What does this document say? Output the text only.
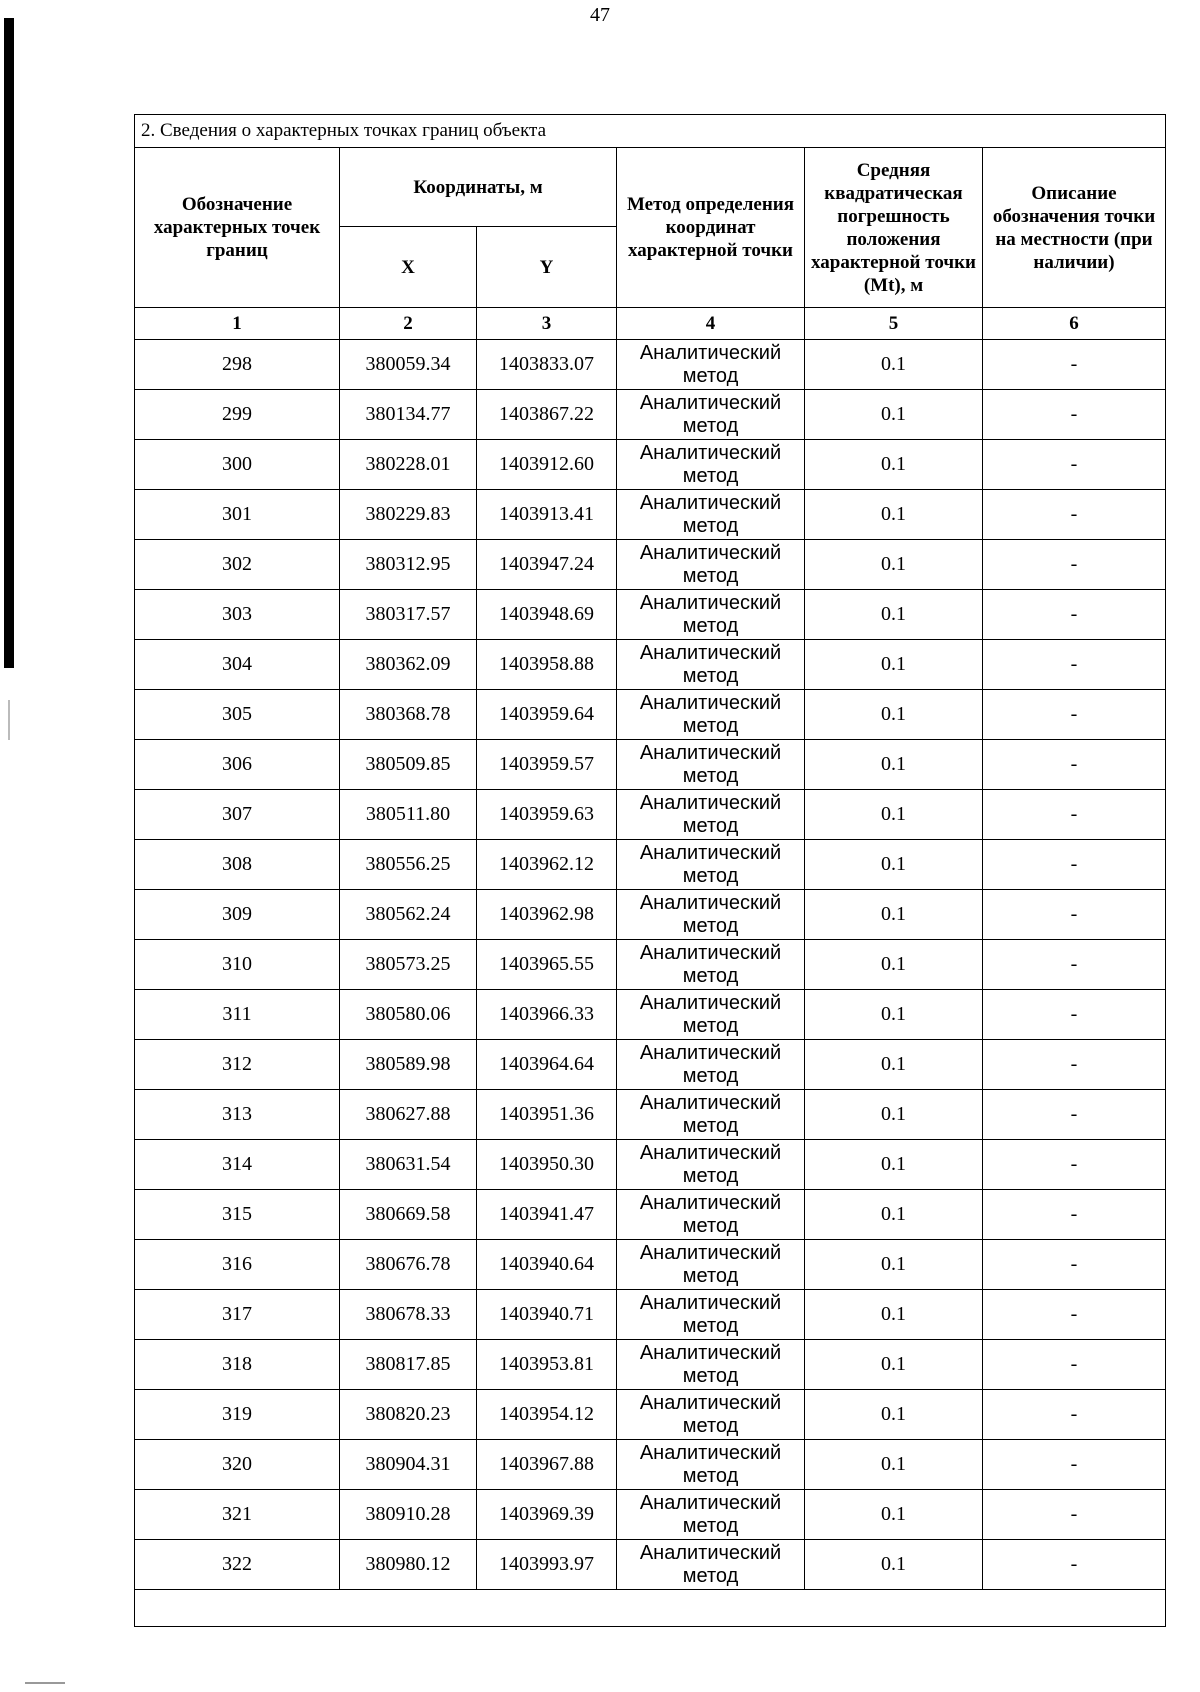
47
2. Сведения о характерных точках границ объекта					
Обозначение характерных точек границ	Координаты, м		Метод определения координат характерной точки	Средняя квадратическая погрешность положения характерной точки (Mt), м	Описание обозначения точки на местности (при наличии)
	X	Y			
1	2	3	4	5	6
298	380059.34	1403833.07	Аналитический метод	0.1	-
299	380134.77	1403867.22	Аналитический метод	0.1	-
300	380228.01	1403912.60	Аналитический метод	0.1	-
301	380229.83	1403913.41	Аналитический метод	0.1	-
302	380312.95	1403947.24	Аналитический метод	0.1	-
303	380317.57	1403948.69	Аналитический метод	0.1	-
304	380362.09	1403958.88	Аналитический метод	0.1	-
305	380368.78	1403959.64	Аналитический метод	0.1	-
306	380509.85	1403959.57	Аналитический метод	0.1	-
307	380511.80	1403959.63	Аналитический метод	0.1	-
308	380556.25	1403962.12	Аналитический метод	0.1	-
309	380562.24	1403962.98	Аналитический метод	0.1	-
310	380573.25	1403965.55	Аналитический метод	0.1	-
311	380580.06	1403966.33	Аналитический метод	0.1	-
312	380589.98	1403964.64	Аналитический метод	0.1	-
313	380627.88	1403951.36	Аналитический метод	0.1	-
314	380631.54	1403950.30	Аналитический метод	0.1	-
315	380669.58	1403941.47	Аналитический метод	0.1	-
316	380676.78	1403940.64	Аналитический метод	0.1	-
317	380678.33	1403940.71	Аналитический метод	0.1	-
318	380817.85	1403953.81	Аналитический метод	0.1	-
319	380820.23	1403954.12	Аналитический метод	0.1	-
320	380904.31	1403967.88	Аналитический метод	0.1	-
321	380910.28	1403969.39	Аналитический метод	0.1	-
322	380980.12	1403993.97	Аналитический метод	0.1	-
